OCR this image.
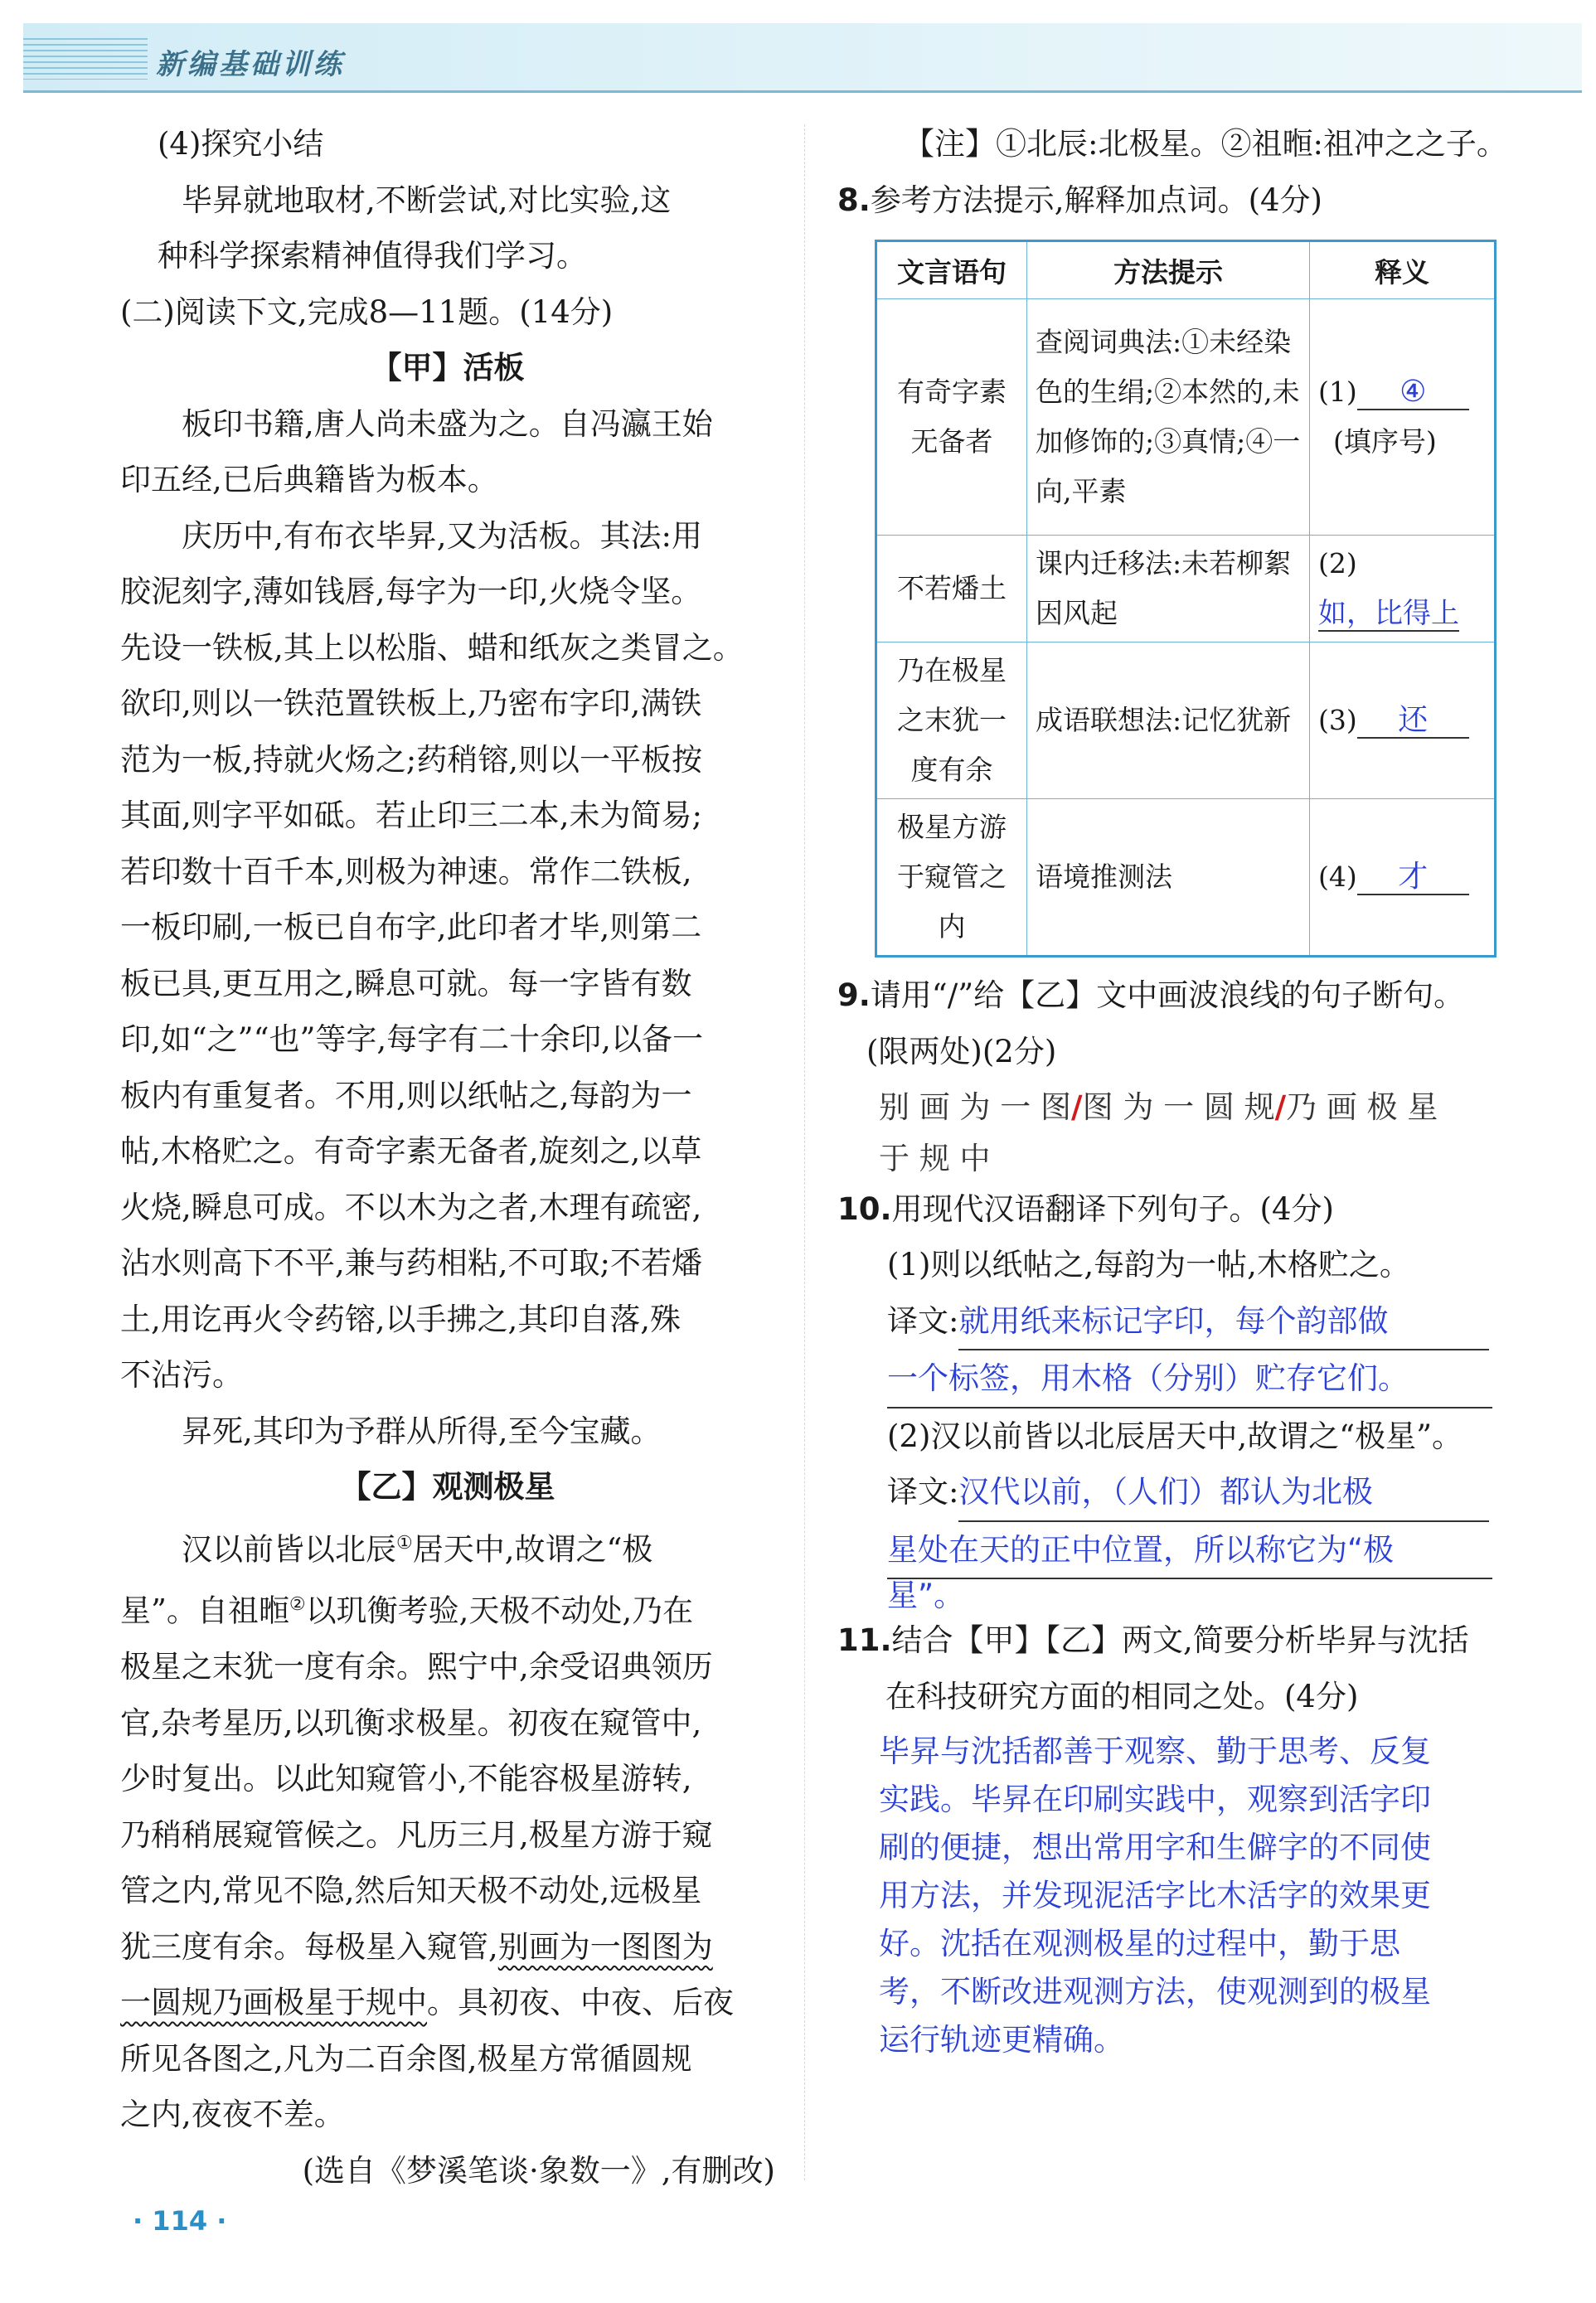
新编基础训练
(4)探究小结
毕昇就地取材,不断尝试,对比实验,这
种科学探索精神值得我们学习。
(二)阅读下文,完成8—11题。(14分)
【甲】活板
板印书籍,唐人尚未盛为之。自冯瀛王始
印五经,已后典籍皆为板本。
庆历中,有布衣毕昇,又为活板。其法:用
胶泥刻字,薄如钱唇,每字为一印,火烧令坚。
先设一铁板,其上以松脂、蜡和纸灰之类冒之。
欲印,则以一铁范置铁板上,乃密布字印,满铁
范为一板,持就火炀之;药稍镕,则以一平板按
其面,则字平如砥。若止印三二本,未为简易;
若印数十百千本,则极为神速。常作二铁板,
一板印刷,一板已自布字,此印者才毕,则第二
板已具,更互用之,瞬息可就。每一字皆有数
印,如“之”“也”等字,每字有二十余印,以备一
板内有重复者。不用,则以纸帖之,每韵为一
帖,木格贮之。有奇字素无备者,旋刻之,以草
火烧,瞬息可成。不以木为之者,木理有疏密,
沾水则高下不平,兼与药相粘,不可取;不若燔
土,用讫再火令药镕,以手拂之,其印自落,殊
不沾污。
昇死,其印为予群从所得,至今宝藏。
【乙】观测极星
汉以前皆以北辰①居天中,故谓之“极
星”。自祖暅②以玑衡考验,天极不动处,乃在
极星之末犹一度有余。熙宁中,余受诏典领历
官,杂考星历,以玑衡求极星。初夜在窥管中,
少时复出。以此知窥管小,不能容极星游转,
乃稍稍展窥管候之。凡历三月,极星方游于窥
管之内,常见不隐,然后知天极不动处,远极星
犹三度有余。每极星入窥管,别画为一图图为
一圆规乃画极星于规中。具初夜、中夜、后夜
所见各图之,凡为二百余图,极星方常循圆规
之内,夜夜不差。
(选自《梦溪笔谈·象数一》,有删改)
【注】①北辰:北极星。②祖暅:祖冲之之子。
8.参考方法提示,解释加点词。(4分)
文言语句	方法提示	释义
有奇字素无备者	查阅词典法:①未经染色的生绢;②本然的,未加修饰的;③真情;④一向,平素	(1) ④
(填序号)

不若燔土	课内迁移法:未若柳絮因风起	(2)如，比得上
乃在极星之末犹一度有余	成语联想法:记忆犹新	(3) 还
极星方游于窥管之内	语境推测法	(4) 才
9.请用“/”给【乙】文中画波浪线的句子断句。
(限两处)(2分)
别 画 为 一 图/图 为 一 圆 规/乃 画 极 星
于 规 中
10.用现代汉语翻译下列句子。(4分)
(1)则以纸帖之,每韵为一帖,木格贮之。
译文:就用纸来标记字印，每个韵部做
一个标签，用木格（分别）贮存它们。
(2)汉以前皆以北辰居天中,故谓之“极星”。
译文:汉代以前，（人们）都认为北极
星处在天的正中位置，所以称它为“极
星”。
11.结合【甲】【乙】两文,简要分析毕昇与沈括
在科技研究方面的相同之处。(4分)
毕昇与沈括都善于观察、勤于思考、反复
实践。毕昇在印刷实践中，观察到活字印
刷的便捷，想出常用字和生僻字的不同使
用方法，并发现泥活字比木活字的效果更
好。沈括在观测极星的过程中，勤于思
考，不断改进观测方法，使观测到的极星
运行轨迹更精确。
· 114 ·
